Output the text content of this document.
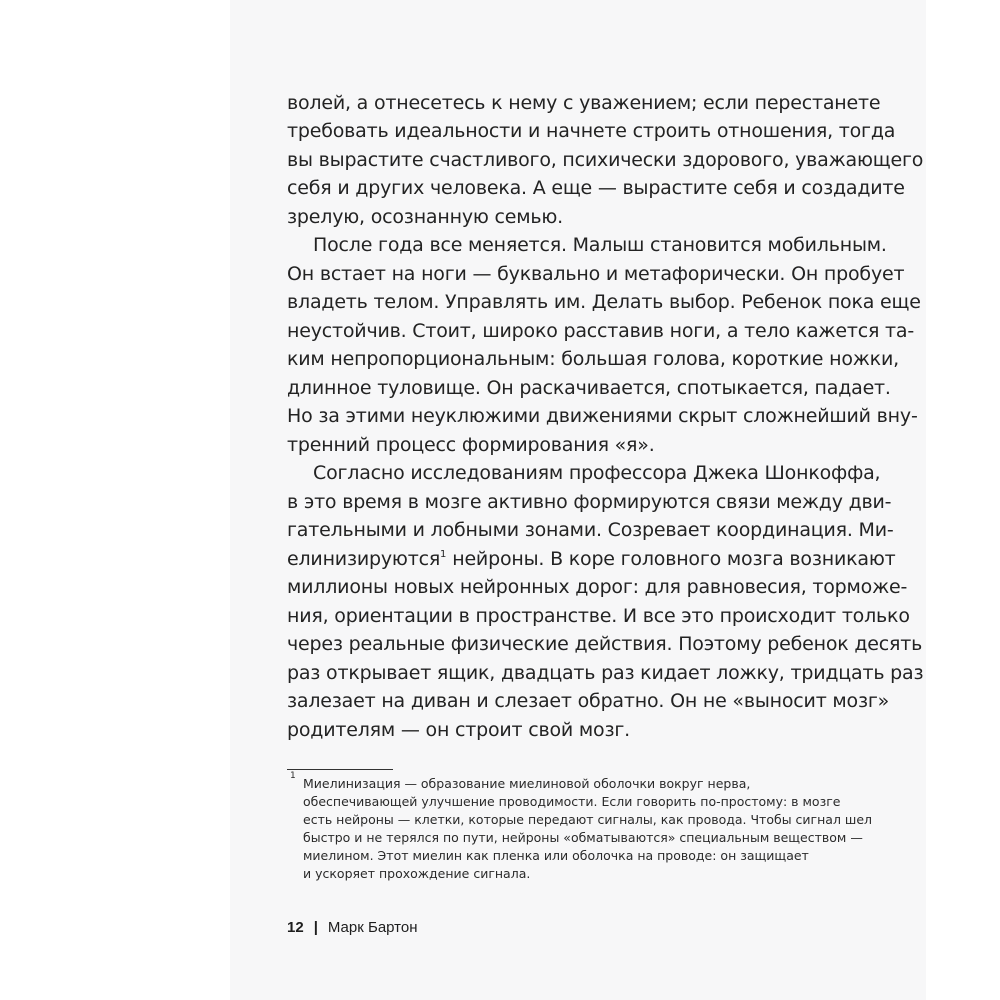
волей, а отнесетесь к нему с уважением; если перестанете
требовать идеальности и начнете строить отношения, тогда
вы вырастите счастливого, психически здорового, уважающего
себя и других человека. А еще — вырастите себя и создадите
зрелую, осознанную семью.
После года все меняется. Малыш становится мобильным.
Он встает на ноги — буквально и метафорически. Он пробует
владеть телом. Управлять им. Делать выбор. Ребенок пока еще
неустойчив. Стоит, широко расставив ноги, а тело кажется та-
ким непропорциональным: большая голова, короткие ножки,
длинное туловище. Он раскачивается, спотыкается, падает.
Но за этими неуклюжими движениями скрыт сложнейший вну-
тренний процесс формирования «я».
Согласно исследованиям профессора Джека Шонкоффа,
в это время в мозге активно формируются связи между дви-
гательными и лобными зонами. Созревает координация. Ми-
елинизируются$^1$ нейроны. В коре головного мозга возникают
миллионы новых нейронных дорог: для равновесия, торможе-
ния, ориентации в пространстве. И все это происходит только
через реальные физические действия. Поэтому ребенок десять
раз открывает ящик, двадцать раз кидает ложку, тридцать раз
залезает на диван и слезает обратно. Он не «выносит мозг»
родителям — он строит свой мозг.
1 Миелинизация — образование миелиновой оболочки вокруг нерва,
обеспечивающей улучшение проводимости. Если говорить по-простому: в мозге
есть нейроны — клетки, которые передают сигналы, как провода. Чтобы сигнал шел
быстро и не терялся по пути, нейроны «обматываются» специальным веществом —
миелином. Этот миелин как пленка или оболочка на проводе: он защищает
и ускоряет прохождение сигнала.
12 | Марк Бартон
